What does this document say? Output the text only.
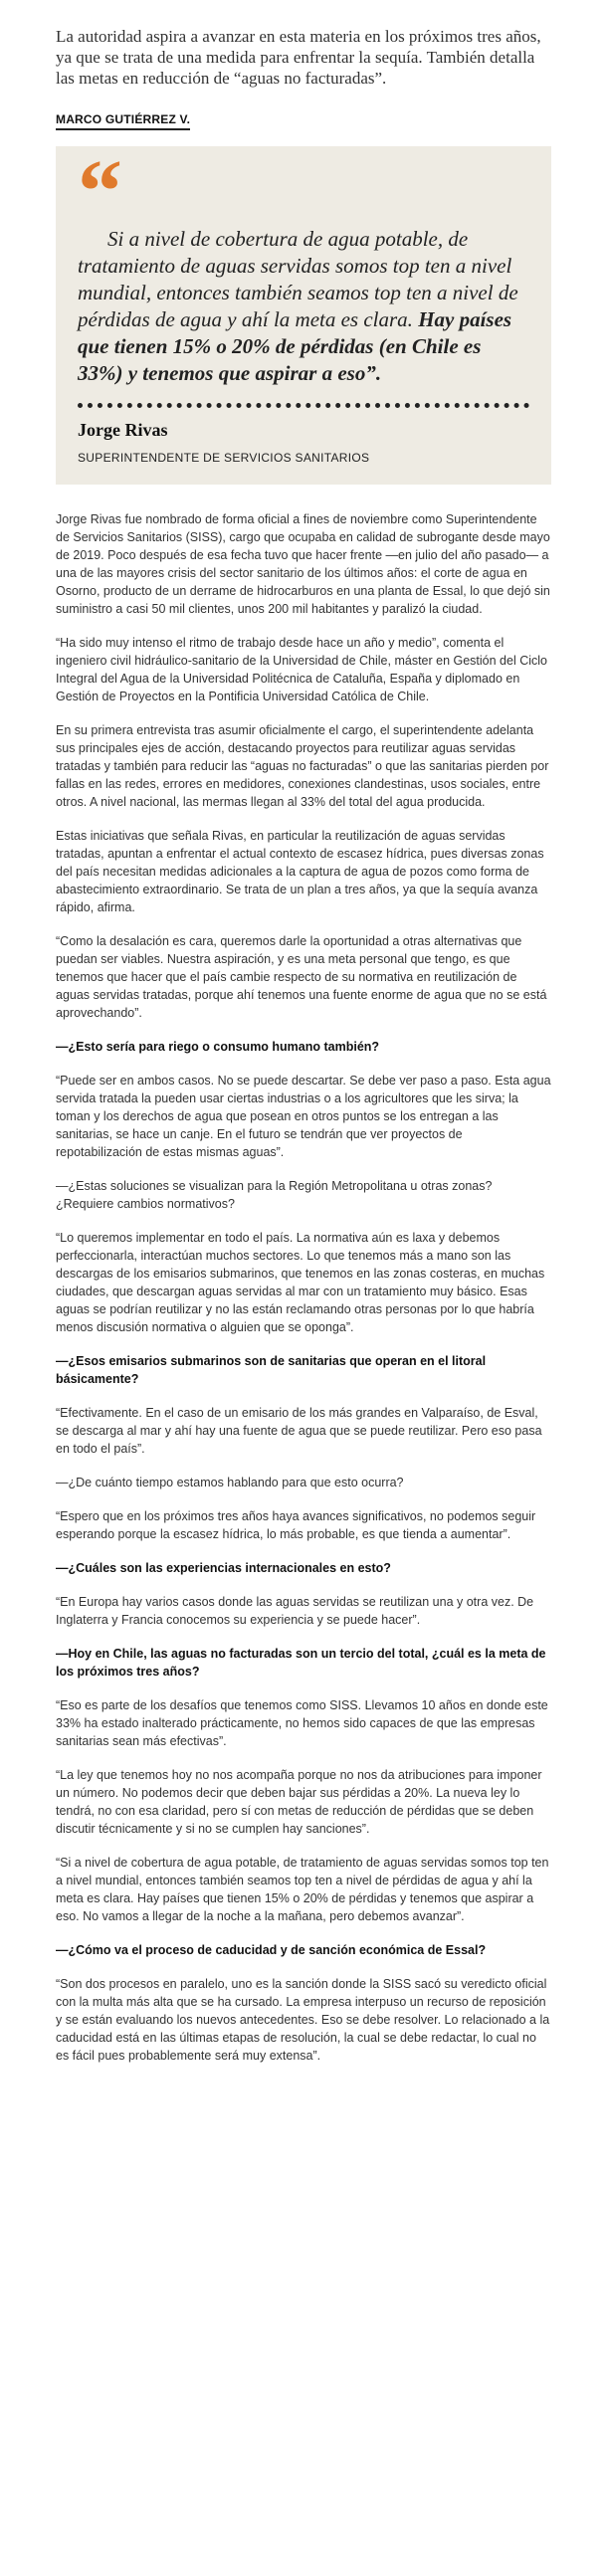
La autoridad aspira a avanzar en esta materia en los próximos tres años, ya que se trata de una medida para enfrentar la sequía. También detalla las metas en reducción de “aguas no facturadas”.

MARCO GUTIÉRREZ V.
“

Si a nivel de cobertura de agua potable, de tratamiento de aguas servidas somos top ten a nivel mundial, entonces también seamos top ten a nivel de pérdidas de agua y ahí la meta es clara. Hay países que tienen 15% o 20% de pérdidas (en Chile es 33%) y tenemos que aspirar a eso”.

Jorge Rivas

SUPERINTENDENTE DE SERVICIOS SANITARIOS

Jorge Rivas fue nombrado de forma oficial a fines de noviembre como Superintendente de Servicios Sanitarios (SISS), cargo que ocupaba en calidad de subrogante desde mayo de 2019. Poco después de esa fecha tuvo que hacer frente —en julio del año pasado— a una de las mayores crisis del sector sanitario de los últimos años: el corte de agua en Osorno, producto de un derrame de hidrocarburos en una planta de Essal, lo que dejó sin suministro a casi 50 mil clientes, unos 200 mil habitantes y paralizó la ciudad.

“Ha sido muy intenso el ritmo de trabajo desde hace un año y medio”, comenta el ingeniero civil hidráulico-sanitario de la Universidad de Chile, máster en Gestión del Ciclo Integral del Agua de la Universidad Politécnica de Cataluña, España y diplomado en Gestión de Proyectos en la Pontificia Universidad Católica de Chile.

En su primera entrevista tras asumir oficialmente el cargo, el superintendente adelanta sus principales ejes de acción, destacando proyectos para reutilizar aguas servidas tratadas y también para reducir las “aguas no facturadas” o que las sanitarias pierden por fallas en las redes, errores en medidores, conexiones clandestinas, usos sociales, entre otros. A nivel nacional, las mermas llegan al 33% del total del agua producida.

Estas iniciativas que señala Rivas, en particular la reutilización de aguas servidas tratadas, apuntan a enfrentar el actual contexto de escasez hídrica, pues diversas zonas del país necesitan medidas adicionales a la captura de agua de pozos como forma de abastecimiento extraordinario. Se trata de un plan a tres años, ya que la sequía avanza rápido, afirma.

“Como la desalación es cara, queremos darle la oportunidad a otras alternativas que puedan ser viables. Nuestra aspiración, y es una meta personal que tengo, es que tenemos que hacer que el país cambie respecto de su normativa en reutilización de aguas servidas tratadas, porque ahí tenemos una fuente enorme de agua que no se está aprovechando”.

—¿Esto sería para riego o consumo humano también?

“Puede ser en ambos casos. No se puede descartar. Se debe ver paso a paso. Esta agua servida tratada la pueden usar ciertas industrias o a los agricultores que les sirva; la toman y los derechos de agua que posean en otros puntos se los entregan a las sanitarias, se hace un canje. En el futuro se tendrán que ver proyectos de repotabilización de estas mismas aguas”.

—¿Estas soluciones se visualizan para la Región Metropolitana u otras zonas? ¿Requiere cambios normativos?

“Lo queremos implementar en todo el país. La normativa aún es laxa y debemos perfeccionarla, interactúan muchos sectores. Lo que tenemos más a mano son las descargas de los emisarios submarinos, que tenemos en las zonas costeras, en muchas ciudades, que descargan aguas servidas al mar con un tratamiento muy básico. Esas aguas se podrían reutilizar y no las están reclamando otras personas por lo que habría menos discusión normativa o alguien que se oponga”.

—¿Esos emisarios submarinos son de sanitarias que operan en el litoral básicamente?

“Efectivamente. En el caso de un emisario de los más grandes en Valparaíso, de Esval, se descarga al mar y ahí hay una fuente de agua que se puede reutilizar. Pero eso pasa en todo el país”.

—¿De cuánto tiempo estamos hablando para que esto ocurra?

“Espero que en los próximos tres años haya avances significativos, no podemos seguir esperando porque la escasez hídrica, lo más probable, es que tienda a aumentar”.

—¿Cuáles son las experiencias internacionales en esto?

“En Europa hay varios casos donde las aguas servidas se reutilizan una y otra vez. De Inglaterra y Francia conocemos su experiencia y se puede hacer”.

—Hoy en Chile, las aguas no facturadas son un tercio del total, ¿cuál es la meta de los próximos tres años?

“Eso es parte de los desafíos que tenemos como SISS. Llevamos 10 años en donde este 33% ha estado inalterado prácticamente, no hemos sido capaces de que las empresas sanitarias sean más efectivas”.

“La ley que tenemos hoy no nos acompaña porque no nos da atribuciones para imponer un número. No podemos decir que deben bajar sus pérdidas a 20%. La nueva ley lo tendrá, no con esa claridad, pero sí con metas de reducción de pérdidas que se deben discutir técnicamente y si no se cumplen hay sanciones”.

“Si a nivel de cobertura de agua potable, de tratamiento de aguas servidas somos top ten a nivel mundial, entonces también seamos top ten a nivel de pérdidas de agua y ahí la meta es clara. Hay países que tienen 15% o 20% de pérdidas y tenemos que aspirar a eso. No vamos a llegar de la noche a la mañana, pero debemos avanzar”.

—¿Cómo va el proceso de caducidad y de sanción económica de Essal?

“Son dos procesos en paralelo, uno es la sanción donde la SISS sacó su veredicto oficial con la multa más alta que se ha cursado. La empresa interpuso un recurso de reposición y se están evaluando los nuevos antecedentes. Eso se debe resolver. Lo relacionado a la caducidad está en las últimas etapas de resolución, la cual se debe redactar, lo cual no es fácil pues probablemente será muy extensa”.
